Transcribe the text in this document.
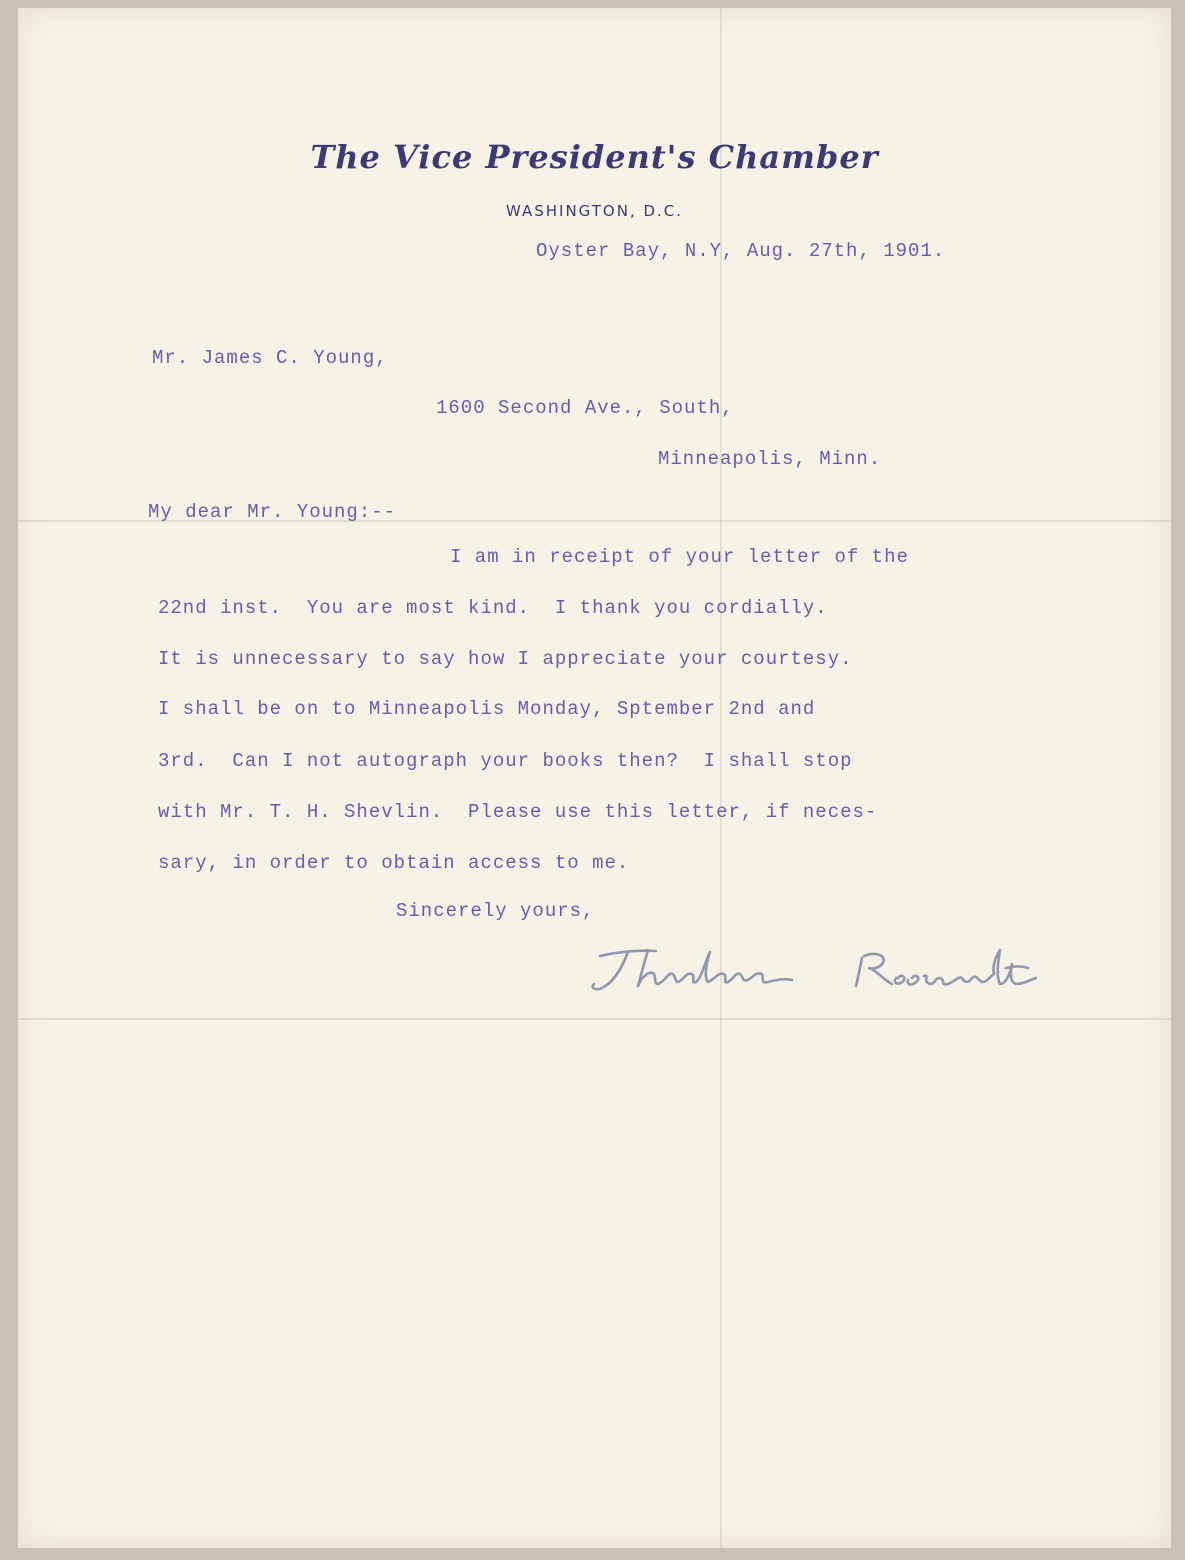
The Vice President's Chamber
WASHINGTON, D.C.
Oyster Bay, N.Y, Aug. 27th, 1901.
Mr. James C. Young,
1600 Second Ave., South,
Minneapolis, Minn.
My dear Mr. Young:--
I am in receipt of your letter of the
22nd inst.  You are most kind.  I thank you cordially.
It is unnecessary to say how I appreciate your courtesy.
I shall be on to Minneapolis Monday, Sptember 2nd and
3rd.  Can I not autograph your books then?  I shall stop
with Mr. T. H. Shevlin.  Please use this letter, if neces-
sary, in order to obtain access to me.
Sincerely yours,
